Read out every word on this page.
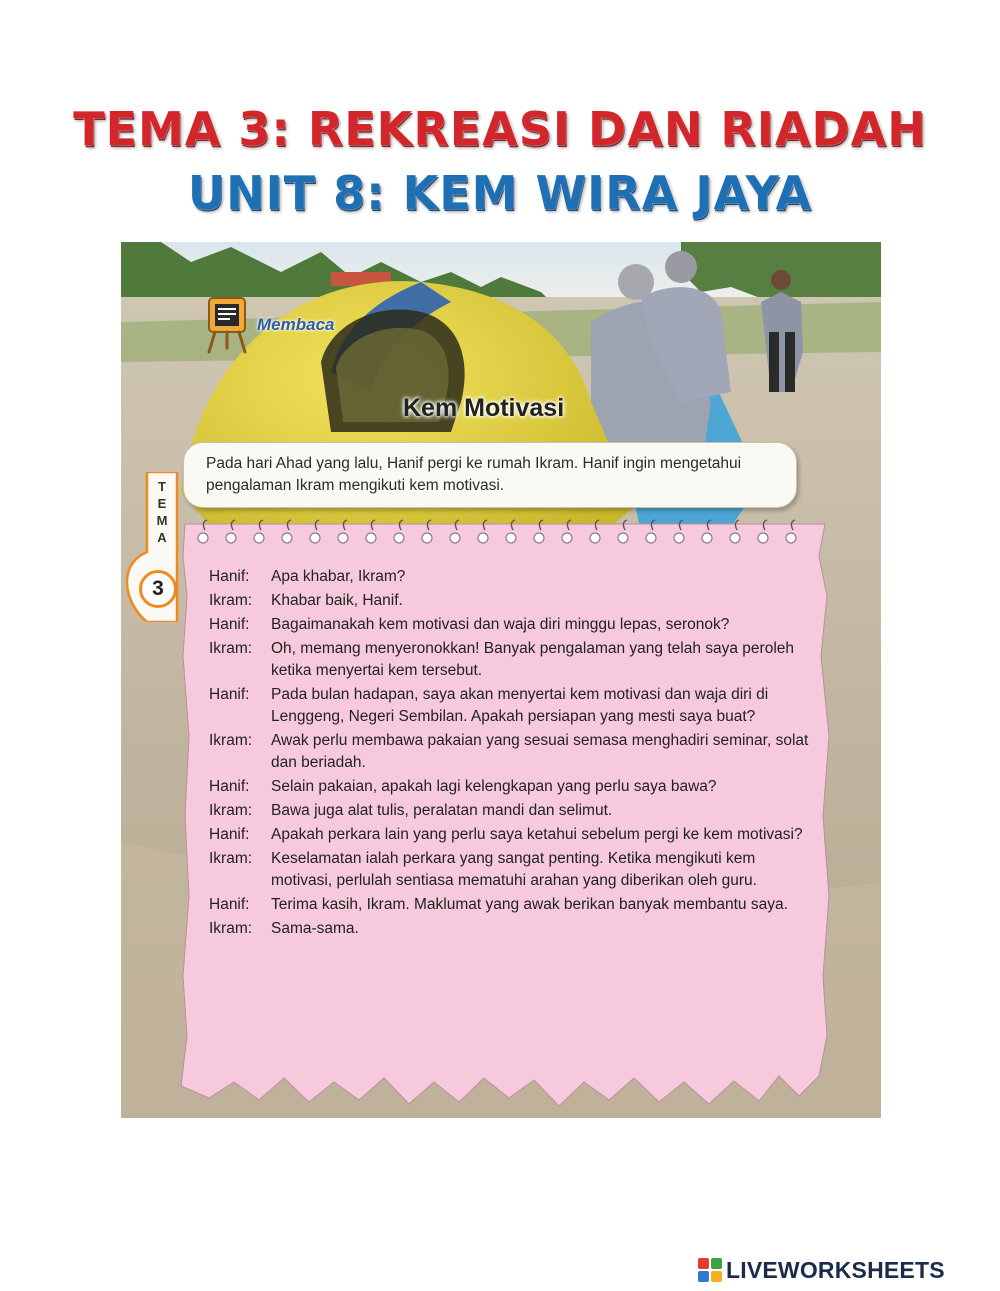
TEMA 3: REKREASI DAN RIADAH
UNIT 8: KEM WIRA JAYA
Membaca
Kem Motivasi
T
E
M
A
3
Pada hari Ahad yang lalu, Hanif pergi ke rumah Ikram. Hanif ingin mengetahui pengalaman Ikram mengikuti kem motivasi.
Hanif:	Apa khabar, Ikram?
Ikram:	Khabar baik, Hanif.
Hanif:	Bagaimanakah kem motivasi dan waja diri minggu lepas, seronok?
Ikram:	Oh, memang menyeronokkan! Banyak pengalaman yang telah saya peroleh ketika menyertai kem tersebut.
Hanif:	Pada bulan hadapan, saya akan menyertai kem motivasi dan waja diri di Lenggeng, Negeri Sembilan. Apakah persiapan yang mesti saya buat?
Ikram:	Awak perlu membawa pakaian yang sesuai semasa menghadiri seminar, solat dan beriadah.
Hanif:	Selain pakaian, apakah lagi kelengkapan yang perlu saya bawa?
Ikram:	Bawa juga alat tulis, peralatan mandi dan selimut.
Hanif:	Apakah perkara lain yang perlu saya ketahui sebelum pergi ke kem motivasi?
Ikram:	Keselamatan ialah perkara yang sangat penting. Ketika mengikuti kem motivasi, perlulah sentiasa mematuhi arahan yang diberikan oleh guru.
Hanif:	Terima kasih, Ikram. Maklumat yang awak berikan banyak membantu saya.
Ikram:	Sama-sama.
LIVEWORKSHEETS
